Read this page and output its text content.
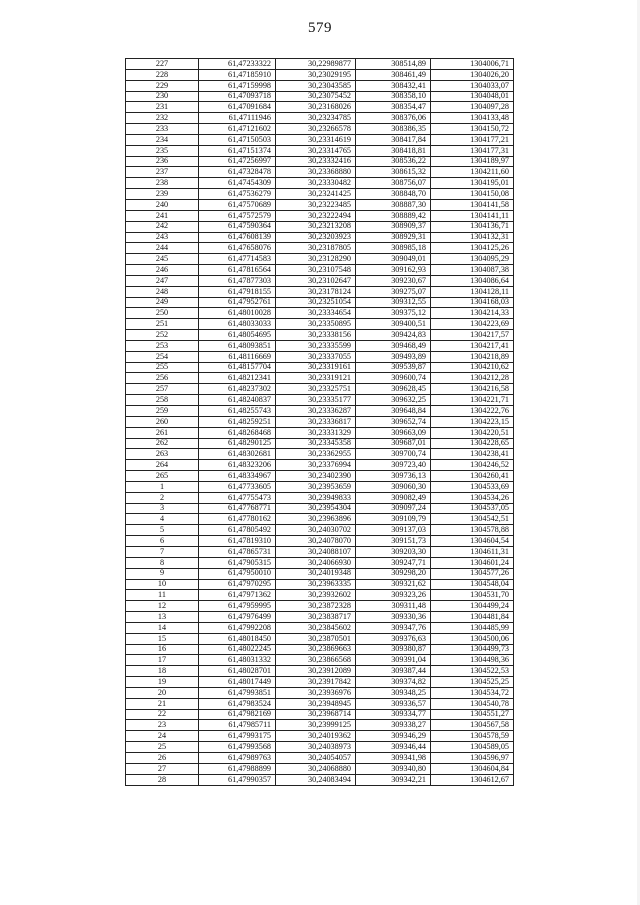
579
227	61,47233322	30,22989877	308514,89	1304006,71
228	61,47185910	30,23029195	308461,49	1304026,20
229	61,47159998	30,23043585	308432,41	1304033,07
230	61,47093718	30,23075452	308358,10	1304048,01
231	61,47091684	30,23168026	308354,47	1304097,28
232	61,47111946	30,23234785	308376,06	1304133,48
233	61,47121602	30,23266578	308386,35	1304150,72
234	61,47150503	30,23314619	308417,84	1304177,21
235	61,47151374	30,23314765	308418,81	1304177,31
236	61,47256997	30,23332416	308536,22	1304189,97
237	61,47328478	30,23368880	308615,32	1304211,60
238	61,47454309	30,23330482	308756,07	1304195,01
239	61,47536279	30,23241425	308848,70	1304150,08
240	61,47570689	30,23223485	308887,30	1304141,58
241	61,47572579	30,23222494	308889,42	1304141,11
242	61,47590364	30,23213208	308909,37	1304136,71
243	61,47608139	30,23203923	308929,31	1304132,31
244	61,47658076	30,23187805	308985,18	1304125,26
245	61,47714583	30,23128290	309049,01	1304095,29
246	61,47816564	30,23107548	309162,93	1304087,38
247	61,47877303	30,23102647	309230,67	1304086,64
248	61,47918155	30,23178124	309275,07	1304128,11
249	61,47952761	30,23251054	309312,55	1304168,03
250	61,48010028	30,23334654	309375,12	1304214,33
251	61,48033033	30,23350895	309400,51	1304223,69
252	61,48054695	30,23338156	309424,83	1304217,57
253	61,48093851	30,23335599	309468,49	1304217,41
254	61,48116669	30,23337055	309493,89	1304218,89
255	61,48157704	30,23319161	309539,87	1304210,62
256	61,48212341	30,23319121	309600,74	1304212,28
257	61,48237302	30,23325751	309628,45	1304216,58
258	61,48240837	30,23335177	309632,25	1304221,71
259	61,48255743	30,23336287	309648,84	1304222,76
260	61,48259251	30,23336817	309652,74	1304223,15
261	61,48268468	30,23331329	309663,09	1304220,51
262	61,48290125	30,23345358	309687,01	1304228,65
263	61,48302681	30,23362955	309700,74	1304238,41
264	61,48323206	30,23376994	309723,40	1304246,52
265	61,48334967	30,23402390	309736,13	1304260,41
1	61,47733605	30,23953659	309060,30	1304533,69
2	61,47755473	30,23949833	309082,49	1304534,26
3	61,47768771	30,23954304	309097,24	1304537,05
4	61,47780162	30,23963896	309109,79	1304542,51
5	61,47805492	30,24030702	309137,03	1304578,88
6	61,47819310	30,24078070	309151,73	1304604,54
7	61,47865731	30,24088107	309203,30	1304611,31
8	61,47905315	30,24066930	309247,71	1304601,24
9	61,47950010	30,24019348	309298,20	1304577,26
10	61,47970295	30,23963335	309321,62	1304548,04
11	61,47971362	30,23932602	309323,26	1304531,70
12	61,47959995	30,23872328	309311,48	1304499,24
13	61,47976499	30,23838717	309330,36	1304481,84
14	61,47992208	30,23845602	309347,76	1304485,99
15	61,48018450	30,23870501	309376,63	1304500,06
16	61,48022245	30,23869663	309380,87	1304499,73
17	61,48031332	30,23866568	309391,04	1304498,36
18	61,48028701	30,23912089	309387,44	1304522,53
19	61,48017449	30,23917842	309374,82	1304525,25
20	61,47993851	30,23936976	309348,25	1304534,72
21	61,47983524	30,23948945	309336,57	1304540,78
22	61,47982169	30,23968714	309334,77	1304551,27
23	61,47985711	30,23999125	309338,27	1304567,58
24	61,47993175	30,24019362	309346,29	1304578,59
25	61,47993568	30,24038973	309346,44	1304589,05
26	61,47989763	30,24054057	309341,98	1304596,97
27	61,47988899	30,24068880	309340,80	1304604,84
28	61,47990357	30,24083494	309342,21	1304612,67
